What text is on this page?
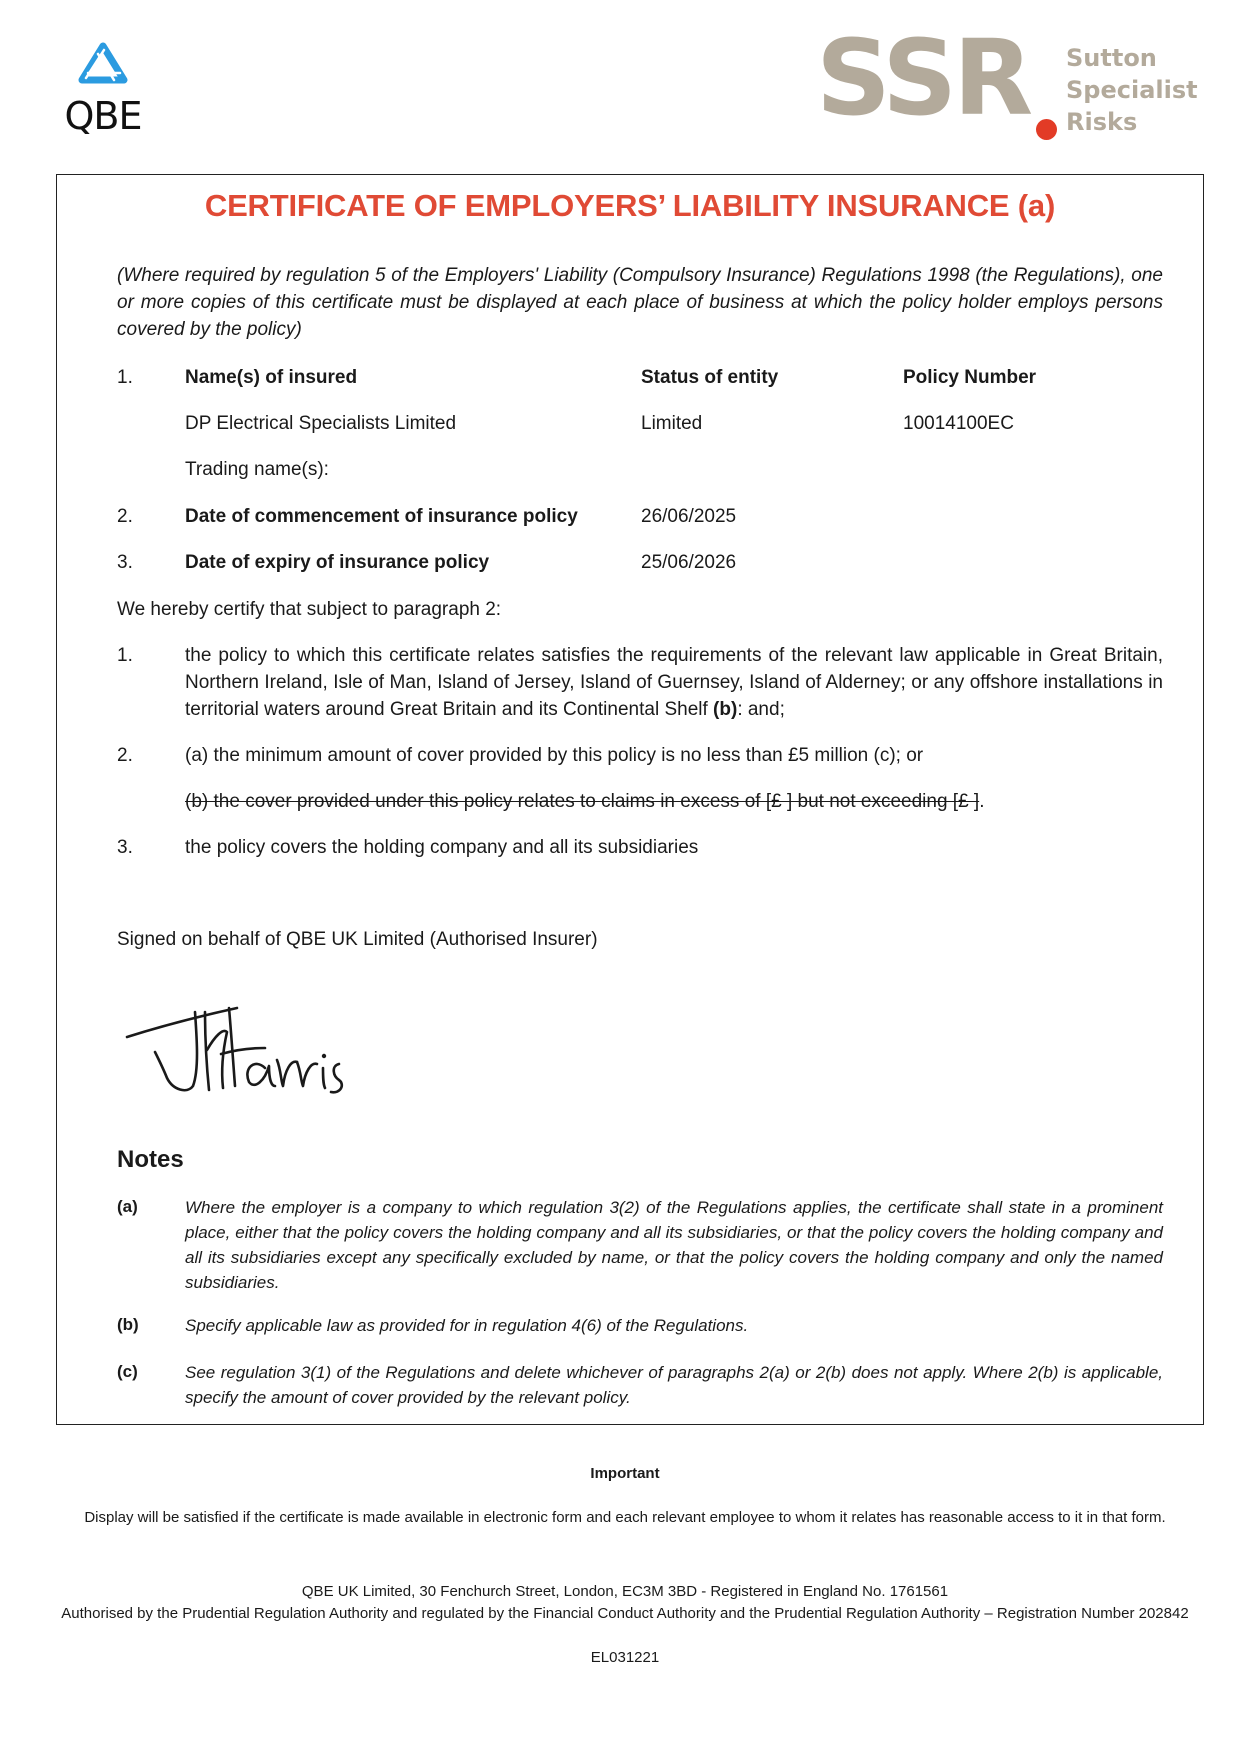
QBE	SSR Sutton
Specialist
Risks
CERTIFICATE OF EMPLOYERS’ LIABILITY INSURANCE (a)
(Where required by regulation 5 of the Employers' Liability (Compulsory Insurance) Regulations 1998 (the Regulations), one or more copies of this certificate must be displayed at each place of business at which the policy holder employs persons covered by the policy)
1.	Name(s) of insured	Status of entity	Policy Number
DP Electrical Specialists Limited	Limited	10014100EC
Trading name(s):
2.	Date of commencement of insurance policy	26/06/2025
3.	Date of expiry of insurance policy	25/06/2026
We hereby certify that subject to paragraph 2:
1.	the policy to which this certificate relates satisfies the requirements of the relevant law applicable in Great Britain, Northern Ireland, Isle of Man, Island of Jersey, Island of Guernsey, Island of Alderney; or any offshore installations in territorial waters around Great Britain and its Continental Shelf (b): and;
2.	(a) the minimum amount of cover provided by this policy is no less than £5 million (c); or
(b) the cover provided under this policy relates to claims in excess of [£ ] but not exceeding [£ ].
3.	the policy covers the holding company and all its subsidiaries
Signed on behalf of QBE UK Limited (Authorised Insurer)
Notes
(a)	Where the employer is a company to which regulation 3(2) of the Regulations applies, the certificate shall state in a prominent place, either that the policy covers the holding company and all its subsidiaries, or that the policy covers the holding company and all its subsidiaries except any specifically excluded by name, or that the policy covers the holding company and only the named subsidiaries.
(b)	Specify applicable law as provided for in regulation 4(6) of the Regulations.
(c)	See regulation 3(1) of the Regulations and delete whichever of paragraphs 2(a) or 2(b) does not apply. Where 2(b) is applicable, specify the amount of cover provided by the relevant policy.
Important
Display will be satisfied if the certificate is made available in electronic form and each relevant employee to whom it relates has reasonable access to it in that form.
QBE UK Limited, 30 Fenchurch Street, London, EC3M 3BD - Registered in England No. 1761561
Authorised by the Prudential Regulation Authority and regulated by the Financial Conduct Authority and the Prudential Regulation Authority – Registration Number 202842
EL031221
